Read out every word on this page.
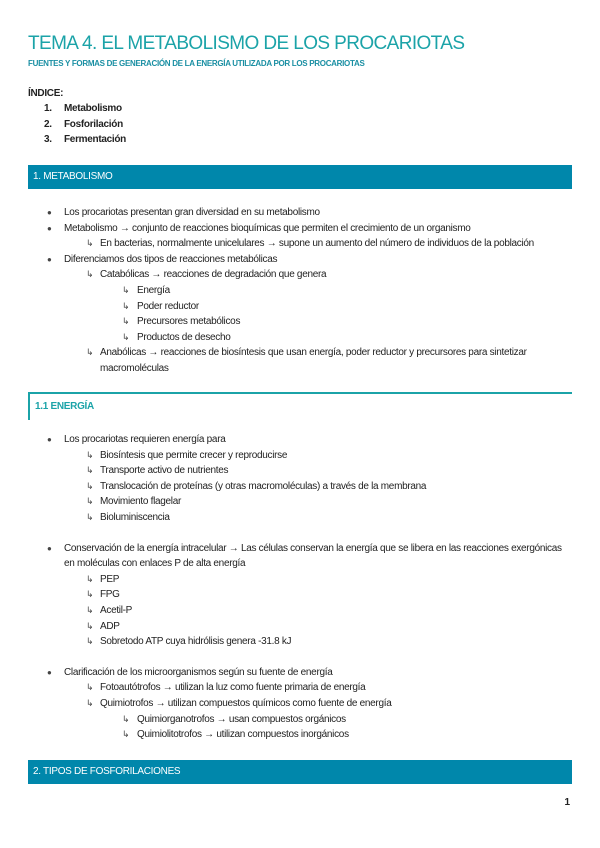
TEMA 4. EL METABOLISMO DE LOS PROCARIOTAS
FUENTES Y FORMAS DE GENERACIÓN DE LA ENERGÍA UTILIZADA POR LOS PROCARIOTAS
ÍNDICE:
1. Metabolismo
2. Fosforilación
3. Fermentación
1. METABOLISMO
● Los procariotas presentan gran diversidad en su metabolismo
● Metabolismo → conjunto de reacciones bioquímicas que permiten el crecimiento de un organismo
↳ En bacterias, normalmente unicelulares → supone un aumento del número de individuos de la población
● Diferenciamos dos tipos de reacciones metabólicas
↳ Catabólicas → reacciones de degradación que genera
↳ Energía
↳ Poder reductor
↳ Precursores metabólicos
↳ Productos de desecho
↳ Anabólicas → reacciones de biosíntesis que usan energía, poder reductor y precursores para sintetizar macromoléculas
1.1 ENERGÍA
● Los procariotas requieren energía para
↳ Biosíntesis que permite crecer y reproducirse
↳ Transporte activo de nutrientes
↳ Translocación de proteínas (y otras macromoléculas) a través de la membrana
↳ Movimiento flagelar
↳ Bioluminiscencia
● Conservación de la energía intracelular → Las células conservan la energía que se libera en las reacciones exergónicas en moléculas con enlaces P de alta energía
↳ PEP
↳ FPG
↳ Acetil-P
↳ ADP
↳ Sobretodo ATP cuya hidrólisis genera -31.8 kJ
● Clarificación de los microorganismos según su fuente de energía
↳ Fotoautótrofos → utilizan la luz como fuente primaria de energía
↳ Quimiotrofos → utilizan compuestos químicos como fuente de energía
↳ Quimiorganotrofos → usan compuestos orgánicos
↳ Quimiolitotrofos → utilizan compuestos inorgánicos
2. TIPOS DE FOSFORILACIONES
1
